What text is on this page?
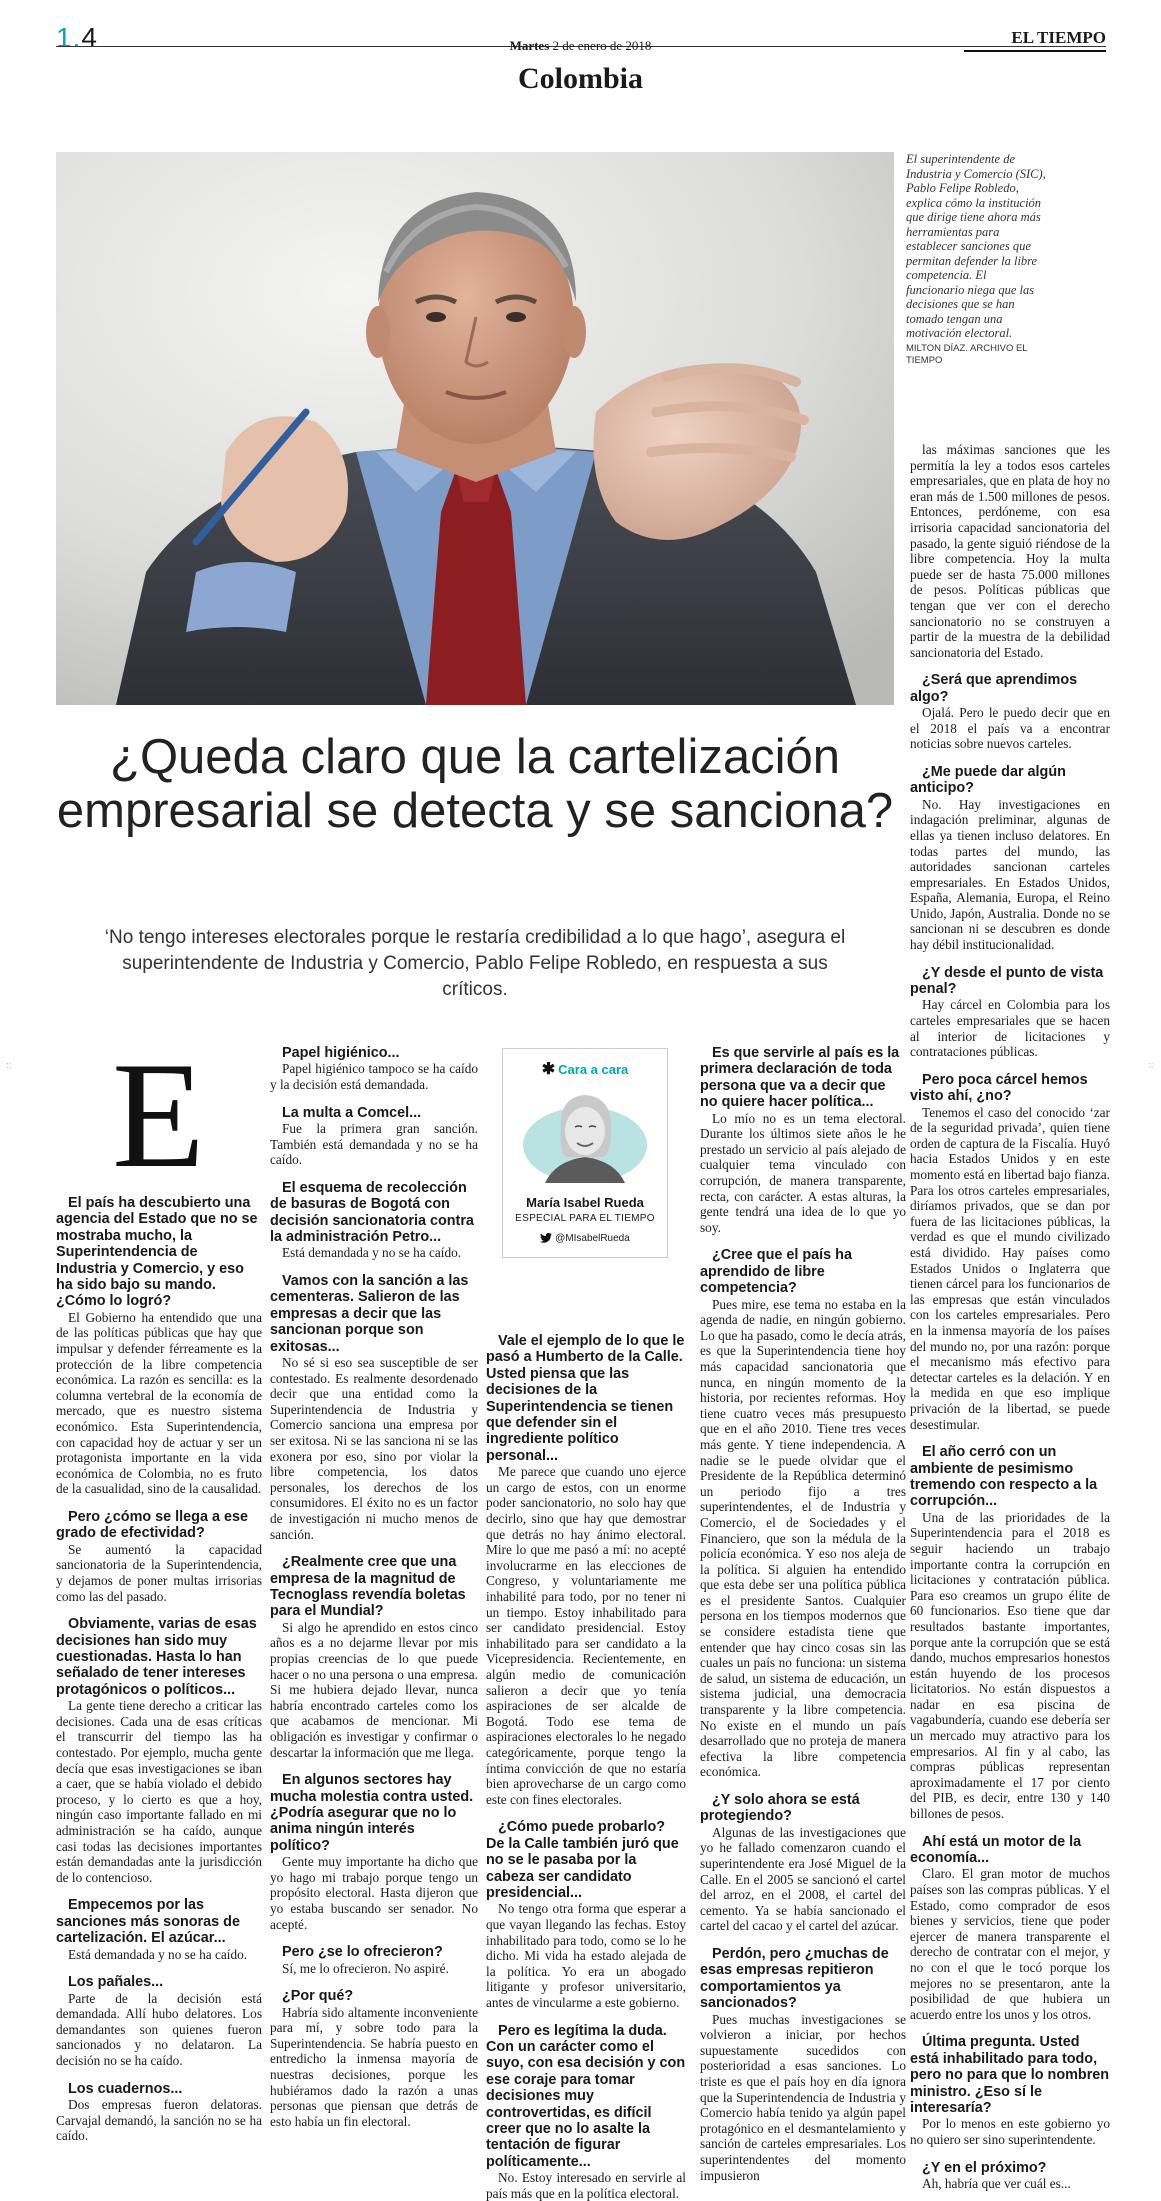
1.4	EL TIEMPO
Martes 2 de enero de 2018
Colombia
El superintendente de Industria y Comercio (SIC), Pablo Felipe Robledo, explica cómo la institución que dirige tiene ahora más herramientas para establecer sanciones que permitan defender la libre competencia. El funcionario niega que las decisiones que se han tomado tengan una motivación electoral.
MILTON DÍAZ. ARCHIVO EL TIEMPO
¿Queda claro que la cartelización empresarial se detecta y se sanciona?
‘No tengo intereses electorales porque le restaría credibilidad a lo que hago’, asegura el superintendente de Industria y Comercio, Pablo Felipe Robledo, en respuesta a sus críticos.
E	✱ Cara a cara
María Isabel Rueda
ESPECIAL PARA EL TIEMPO
@MIsabelRueda

El país ha descubierto una agencia del Estado que no se mostraba mucho, la Superintendencia de Industria y Comercio, y eso ha sido bajo su mando. ¿Cómo lo logró?

El Gobierno ha entendido que una de las políticas públicas que hay que impulsar y defender férreamente es la protección de la libre competencia económica. La razón es sencilla: es la columna vertebral de la economía de mercado, que es nuestro sistema económico. Esta Superintendencia, con capacidad hoy de actuar y ser un protagonista importante en la vida económica de Colombia, no es fruto de la casualidad, sino de la causalidad.

Pero ¿cómo se llega a ese grado de efectividad?

Se aumentó la capacidad sancionatoria de la Superintendencia, y dejamos de poner multas irrisorias como las del pasado.

Obviamente, varias de esas decisiones han sido muy cuestionadas. Hasta lo han señalado de tener intereses protagónicos o políticos...

La gente tiene derecho a criticar las decisiones. Cada una de esas críticas el transcurrir del tiempo las ha contestado. Por ejemplo, mucha gente decía que esas investigaciones se iban a caer, que se había violado el debido proceso, y lo cierto es que a hoy, ningún caso importante fallado en mi administración se ha caído, aunque casi todas las decisiones importantes están demandadas ante la jurisdicción de lo contencioso.

Empecemos por las sanciones más sonoras de cartelización. El azúcar...

Está demandada y no se ha caído.

Los pañales...

Parte de la decisión está demandada. Allí hubo delatores. Los demandantes son quienes fueron sancionados y no delataron. La decisión no se ha caído.

Los cuadernos...

Dos empresas fueron delatoras. Carvajal demandó, la sanción no se ha caído.

Papel higiénico...

Papel higiénico tampoco se ha caído y la decisión está demandada.

La multa a Comcel...

Fue la primera gran sanción. También está demandada y no se ha caído.

El esquema de recolección de basuras de Bogotá con decisión sancionatoria contra la administración Petro...

Está demandada y no se ha caído.

Vamos con la sanción a las cementeras. Salieron de las empresas a decir que las sancionan porque son exitosas...

No sé si eso sea susceptible de ser contestado. Es realmente desordenado decir que una entidad como la Superintendencia de Industria y Comercio sanciona una empresa por ser exitosa. Ni se las sanciona ni se las exonera por eso, sino por violar la libre competencia, los datos personales, los derechos de los consumidores. El éxito no es un factor de investigación ni mucho menos de sanción.

¿Realmente cree que una empresa de la magnitud de Tecnoglass revendía boletas para el Mundial?

Si algo he aprendido en estos cinco años es a no dejarme llevar por mis propias creencias de lo que puede hacer o no una persona o una empresa. Si me hubiera dejado llevar, nunca habría encontrado carteles como los que acabamos de mencionar. Mi obligación es investigar y confirmar o descartar la información que me llega.

En algunos sectores hay mucha molestia contra usted. ¿Podría asegurar que no lo anima ningún interés político?

Gente muy importante ha dicho que yo hago mi trabajo porque tengo un propósito electoral. Hasta dijeron que yo estaba buscando ser senador. No acepté.

Pero ¿se lo ofrecieron?

Sí, me lo ofrecieron. No aspiré.

¿Por qué?

Habría sido altamente inconveniente para mí, y sobre todo para la Superintendencia. Se habría puesto en entredicho la inmensa mayoría de nuestras decisiones, porque les hubiéramos dado la razón a unas personas que piensan que detrás de esto había un fin electoral.

Vale el ejemplo de lo que le pasó a Humberto de la Calle. Usted piensa que las decisiones de la Superintendencia se tienen que defender sin el ingrediente político personal...

Me parece que cuando uno ejerce un cargo de estos, con un enorme poder sancionatorio, no solo hay que decirlo, sino que hay que demostrar que detrás no hay ánimo electoral. Mire lo que me pasó a mí: no acepté involucrarme en las elecciones de Congreso, y voluntariamente me inhabilité para todo, por no tener ni un tiempo. Estoy inhabilitado para ser candidato presidencial. Estoy inhabilitado para ser candidato a la Vicepresidencia. Recientemente, en algún medio de comunicación salieron a decir que yo tenía aspiraciones de ser alcalde de Bogotá. Todo ese tema de aspiraciones electorales lo he negado categóricamente, porque tengo la íntima convicción de que no estaría bien aprovecharse de un cargo como este con fines electorales.

¿Cómo puede probarlo? De la Calle también juró que no se le pasaba por la cabeza ser candidato presidencial...

No tengo otra forma que esperar a que vayan llegando las fechas. Estoy inhabilitado para todo, como se lo he dicho. Mi vida ha estado alejada de la política. Yo era un abogado litigante y profesor universitario, antes de vincularme a este gobierno.

Pero es legítima la duda. Con un carácter como el suyo, con esa decisión y con ese coraje para tomar decisiones muy controvertidas, es difícil creer que no lo asalte la tentación de figurar políticamente...

No. Estoy interesado en servirle al país más que en la política electoral.

Es que servirle al país es la primera declaración de toda persona que va a decir que no quiere hacer política...

Lo mío no es un tema electoral. Durante los últimos siete años le he prestado un servicio al país alejado de cualquier tema vinculado con corrupción, de manera transparente, recta, con carácter. A estas alturas, la gente tendrá una idea de lo que yo soy.

¿Cree que el país ha aprendido de libre competencia?

Pues mire, ese tema no estaba en la agenda de nadie, en ningún gobierno. Lo que ha pasado, como le decía atrás, es que la Superintendencia tiene hoy más capacidad sancionatoria que nunca, en ningún momento de la historia, por recientes reformas. Hoy tiene cuatro veces más presupuesto que en el año 2010. Tiene tres veces más gente. Y tiene independencia. A nadie se le puede olvidar que el Presidente de la República determinó un periodo fijo a tres superintendentes, el de Industria y Comercio, el de Sociedades y el Financiero, que son la médula de la policía económica. Y eso nos aleja de la política. Si alguien ha entendido que esta debe ser una política pública es el presidente Santos. Cualquier persona en los tiempos modernos que se considere estadista tiene que entender que hay cinco cosas sin las cuales un país no funciona: un sistema de salud, un sistema de educación, un sistema judicial, una democracia transparente y la libre competencia. No existe en el mundo un país desarrollado que no proteja de manera efectiva la libre competencia económica.

¿Y solo ahora se está protegiendo?

Algunas de las investigaciones que yo he fallado comenzaron cuando el superintendente era José Miguel de la Calle. En el 2005 se sancionó el cartel del arroz, en el 2008, el cartel del cemento. Ya se había sancionado el cartel del cacao y el cartel del azúcar.

Perdón, pero ¿muchas de esas empresas repitieron comportamientos ya sancionados?

Pues muchas investigaciones se volvieron a iniciar, por hechos supuestamente sucedidos con posterioridad a esas sanciones. Lo triste es que el país hoy en día ignora que la Superintendencia de Industria y Comercio había tenido ya algún papel protagónico en el desmantelamiento y sanción de carteles empresariales. Los superintendentes del momento impusieron

las máximas sanciones que les permitía la ley a todos esos carteles empresariales, que en plata de hoy no eran más de 1.500 millones de pesos. Entonces, perdóneme, con esa irrisoria capacidad sancionatoria del pasado, la gente siguió riéndose de la libre competencia. Hoy la multa puede ser de hasta 75.000 millones de pesos. Políticas públicas que tengan que ver con el derecho sancionatorio no se construyen a partir de la muestra de la debilidad sancionatoria del Estado.

¿Será que aprendimos algo?

Ojalá. Pero le puedo decir que en el 2018 el país va a encontrar noticias sobre nuevos carteles.

¿Me puede dar algún anticipo?

No. Hay investigaciones en indagación preliminar, algunas de ellas ya tienen incluso delatores. En todas partes del mundo, las autoridades sancionan carteles empresariales. En Estados Unidos, España, Alemania, Europa, el Reino Unido, Japón, Australia. Donde no se sancionan ni se descubren es donde hay débil institucionalidad.

¿Y desde el punto de vista penal?

Hay cárcel en Colombia para los carteles empresariales que se hacen al interior de licitaciones y contrataciones públicas.

Pero poca cárcel hemos visto ahí, ¿no?

Tenemos el caso del conocido ‘zar de la seguridad privada’, quien tiene orden de captura de la Fiscalía. Huyó hacia Estados Unidos y en este momento está en libertad bajo fianza. Para los otros carteles empresariales, diríamos privados, que se dan por fuera de las licitaciones públicas, la verdad es que el mundo civilizado está dividido. Hay países como Estados Unidos o Inglaterra que tienen cárcel para los funcionarios de las empresas que están vinculados con los carteles empresariales. Pero en la inmensa mayoría de los países del mundo no, por una razón: porque el mecanismo más efectivo para detectar carteles es la delación. Y en la medida en que eso implique privación de la libertad, se puede desestimular.

El año cerró con un ambiente de pesimismo tremendo con respecto a la corrupción...

Una de las prioridades de la Superintendencia para el 2018 es seguir haciendo un trabajo importante contra la corrupción en licitaciones y contratación pública. Para eso creamos un grupo élite de 60 funcionarios. Eso tiene que dar resultados bastante importantes, porque ante la corrupción que se está dando, muchos empresarios honestos están huyendo de los procesos licitatorios. No están dispuestos a nadar en esa piscina de vagabundería, cuando ese debería ser un mercado muy atractivo para los empresarios. Al fin y al cabo, las compras públicas representan aproximadamente el 17 por ciento del PIB, es decir, entre 130 y 140 billones de pesos.

Ahí está un motor de la economía...

Claro. El gran motor de muchos países son las compras públicas. Y el Estado, como comprador de esos bienes y servicios, tiene que poder ejercer de manera transparente el derecho de contratar con el mejor, y no con el que le tocó porque los mejores no se presentaron, ante la posibilidad de que hubiera un acuerdo entre los unos y los otros.

Última pregunta. Usted está inhabilitado para todo, pero no para que lo nombren ministro. ¿Eso sí le interesaría?

Por lo menos en este gobierno yo no quiero ser sino superintendente.

¿Y en el próximo?

Ah, habría que ver cuál es...

::	::
